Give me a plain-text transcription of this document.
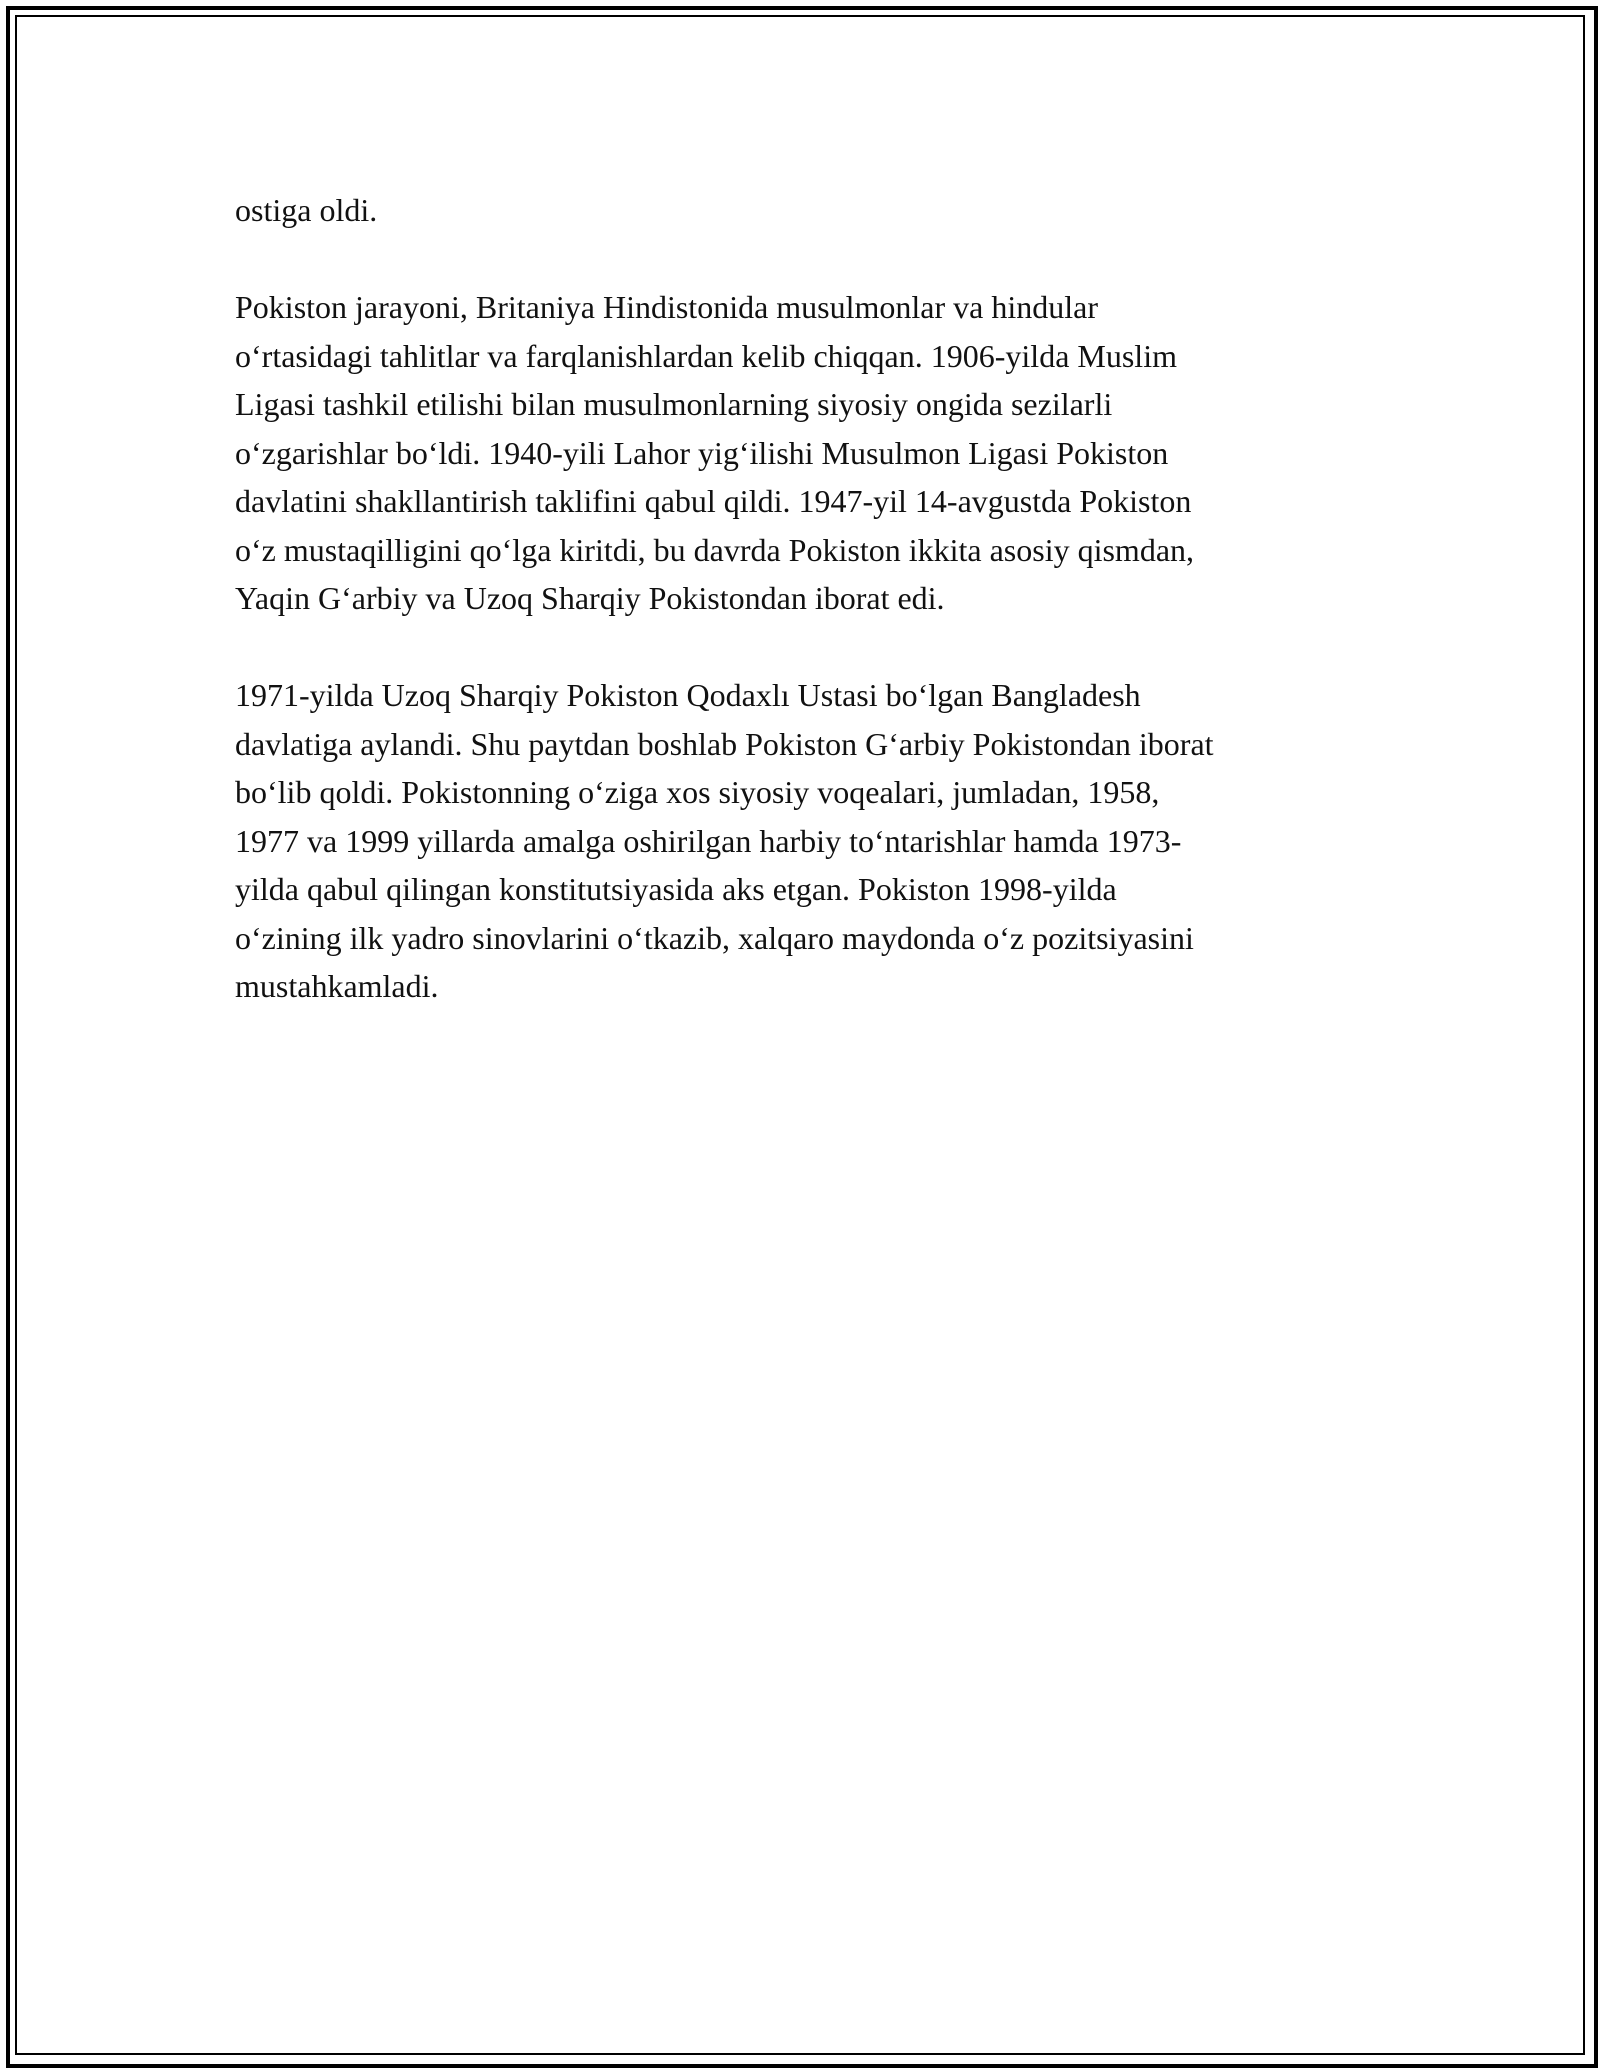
ostiga oldi.

Pokiston jarayoni, Britaniya Hindistonida musulmonlar va hindular
o‘rtasidagi tahlitlar va farqlanishlardan kelib chiqqan. 1906-yilda Muslim
Ligasi tashkil etilishi bilan musulmonlarning siyosiy ongida sezilarli
o‘zgarishlar bo‘ldi. 1940-yili Lahor yig‘ilishi Musulmon Ligasi Pokiston
davlatini shakllantirish taklifini qabul qildi. 1947-yil 14-avgustda Pokiston
o‘z mustaqilligini qo‘lga kiritdi, bu davrda Pokiston ikkita asosiy qismdan,
Yaqin G‘arbiy va Uzoq Sharqiy Pokistondan iborat edi.

1971-yilda Uzoq Sharqiy Pokiston Qodaxlı Ustasi bo‘lgan Bangladesh
davlatiga aylandi. Shu paytdan boshlab Pokiston G‘arbiy Pokistondan iborat
bo‘lib qoldi. Pokistonning o‘ziga xos siyosiy voqealari, jumladan, 1958,
1977 va 1999 yillarda amalga oshirilgan harbiy to‘ntarishlar hamda 1973-
yilda qabul qilingan konstitutsiyasida aks etgan. Pokiston 1998-yilda
o‘zining ilk yadro sinovlarini o‘tkazib, xalqaro maydonda o‘z pozitsiyasini
mustahkamladi.
